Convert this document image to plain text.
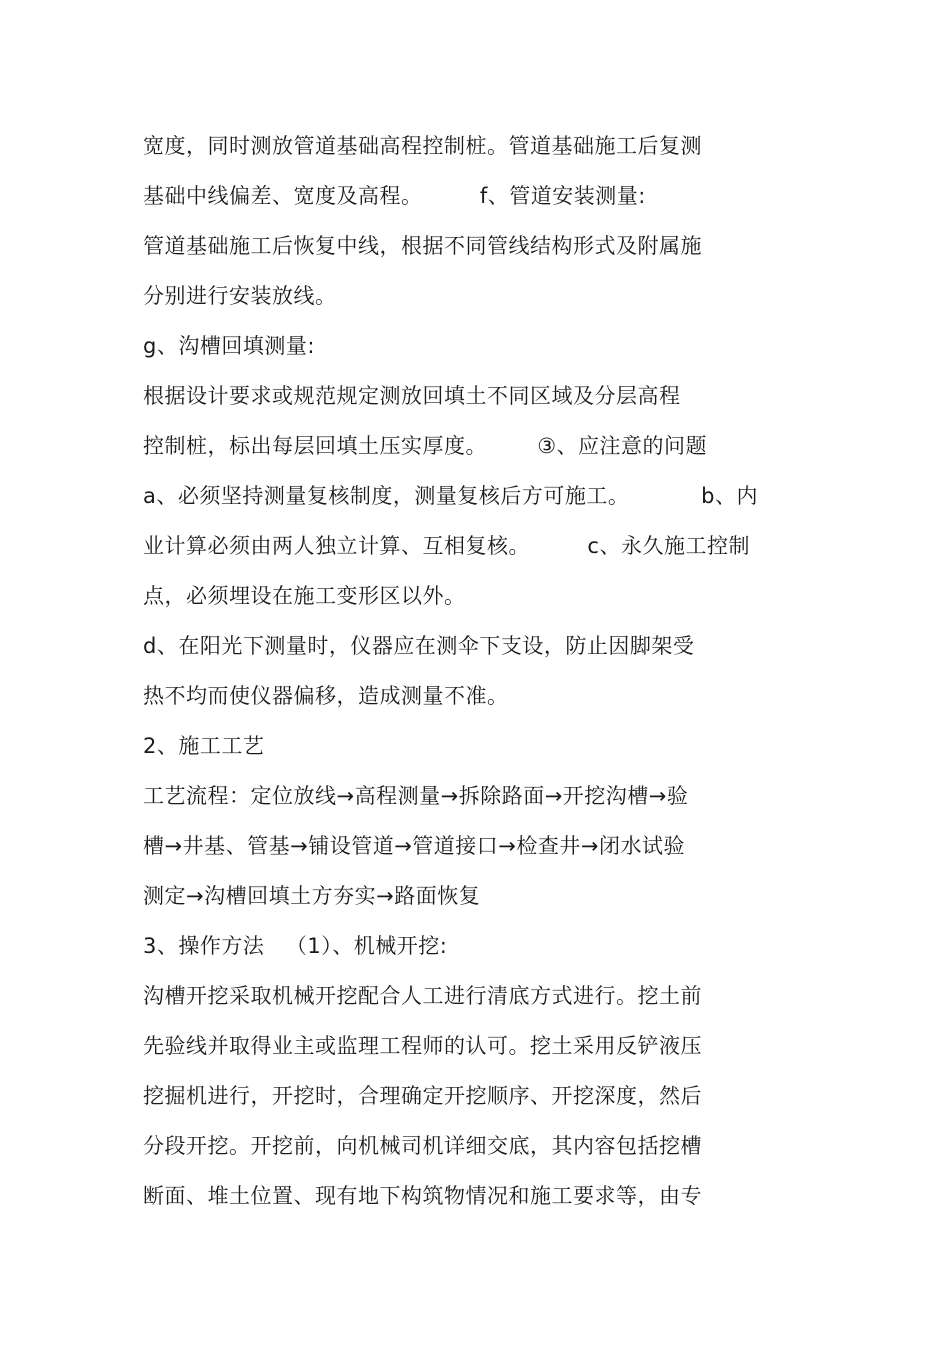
宽度，同时测放管道基础高程控制桩。管道基础施工后复测
基础中线偏差、宽度及高程。        f、管道安装测量:
管道基础施工后恢复中线，根据不同管线结构形式及附属施
分别进行安装放线。
g、沟槽回填测量:
根据设计要求或规范规定测放回填土不同区域及分层高程
控制桩，标出每层回填土压实厚度。       ③、应注意的问题
a、必须坚持测量复核制度，测量复核后方可施工。          b、内
业计算必须由两人独立计算、互相复核。        c、永久施工控制
点，必须埋设在施工变形区以外。
d、在阳光下测量时，仪器应在测伞下支设，防止因脚架受
热不均而使仪器偏移，造成测量不准。
2、施工工艺
工艺流程：定位放线→高程测量→拆除路面→开挖沟槽→验
槽→井基、管基→铺设管道→管道接口→检查井→闭水试验
测定→沟槽回填土方夯实→路面恢复
3、操作方法   （1）、机械开挖:
沟槽开挖采取机械开挖配合人工进行清底方式进行。挖土前
先验线并取得业主或监理工程师的认可。挖土采用反铲液压
挖掘机进行，开挖时，合理确定开挖顺序、开挖深度，然后
分段开挖。开挖前，向机械司机详细交底，其内容包括挖槽
断面、堆土位置、现有地下构筑物情况和施工要求等，由专
